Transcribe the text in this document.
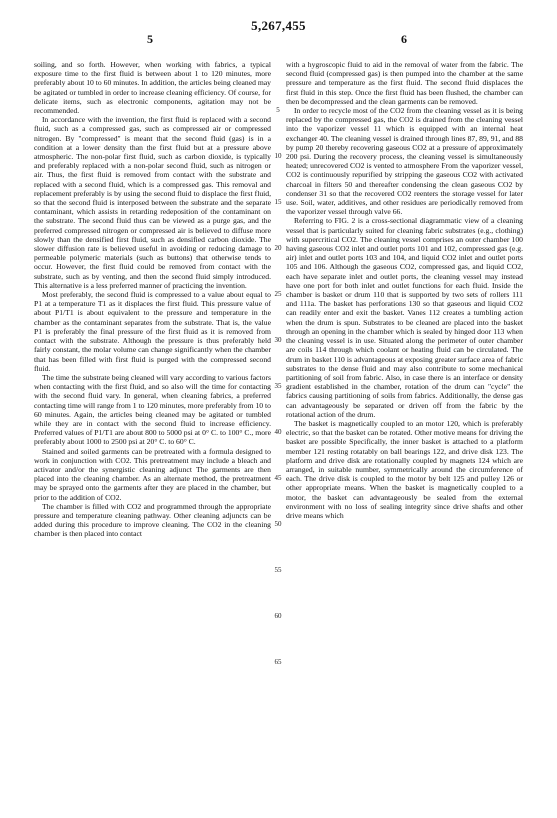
5,267,455
5	6

soiling, and so forth. However, when working with fabrics, a typical exposure time to the first fluid is between about 1 to 120 minutes, more preferably about 10 to 60 minutes. In addition, the articles being cleaned may be agitated or tumbled in order to increase cleaning efficiency. Of course, for delicate items, such as electronic components, agitation may not be recommended.

In accordance with the invention, the first fluid is replaced with a second fluid, such as a compressed gas, such as compressed air or compressed nitrogen. By "compressed" is meant that the second fluid (gas) is in a condition at a lower density than the first fluid but at a pressure above atmospheric. The non-polar first fluid, such as carbon dioxide, is typically and preferably replaced with a non-polar second fluid, such as nitrogen or air. Thus, the first fluid is removed from contact with the substrate and replaced with a second fluid, which is a compressed gas. This removal and replacement preferably is by using the second fluid to displace the first fluid, so that the second fluid is interposed between the substrate and the separate contaminant, which assists in retarding redeposition of the contaminant on the substrate. The second fluid thus can be viewed as a purge gas, and the preferred compressed nitrogen or compressed air is believed to diffuse more slowly than the densified first fluid, such as densified carbon dioxide. The slower diffusion rate is believed useful in avoiding or reducing damage to permeable polymeric materials (such as buttons) that otherwise tends to occur. However, the first fluid could be removed from contact with the substrate, such as by venting, and then the second fluid simply introduced. This alternative is a less preferred manner of practicing the invention.

Most preferably, the second fluid is compressed to a value about equal to P1 at a temperature T1 as it displaces the first fluid. This pressure value of about P1/T1 is about equivalent to the pressure and temperature in the chamber as the contaminant separates from the substrate. That is, the value P1 is preferably the final pressure of the first fluid as it is removed from contact with the substrate. Although the pressure is thus preferably held fairly constant, the molar volume can change significantly when the chamber that has been filled with first fluid is purged with the compressed second fluid.

The time the substrate being cleaned will vary according to various factors when contacting with the first fluid, and so also will the time for contacting with the second fluid vary. In general, when cleaning fabrics, a preferred contacting time will range from 1 to 120 minutes, more preferably from 10 to 60 minutes. Again, the articles being cleaned may be agitated or tumbled while they are in contact with the second fluid to increase efficiency. Preferred values of P1/T1 are about 800 to 5000 psi at 0° C. to 100° C., more preferably about 1000 to 2500 psi at 20° C. to 60° C.

Stained and soiled garments can be pretreated with a formula designed to work in conjunction with CO2. This pretreatment may include a bleach and activator and/or the synergistic cleaning adjunct The garments are then placed into the cleaning chamber. As an alternate method, the pretreatment may be sprayed onto the garments after they are placed in the chamber, but prior to the addition of CO2.

The chamber is filled with CO2 and programmed through the appropriate pressure and temperature cleaning pathway. Other cleaning adjuncts can be added during this procedure to improve cleaning. The CO2 in the cleaning chamber is then placed into contact

5
10
15
20
25
30
35
40
45
50
55
60
65

with a hygroscopic fluid to aid in the removal of water from the fabric. The second fluid (compressed gas) is then pumped into the chamber at the same pressure and temperature as the first fluid. The second fluid displaces the first fluid in this step. Once the first fluid has been flushed, the chamber can then be decompressed and the clean garments can be removed.

In order to recycle most of the CO2 from the cleaning vessel as it is being replaced by the compressed gas, the CO2 is drained from the cleaning vessel into the vaporizer vessel 11 which is equipped with an internal heat exchanger 40. The cleaning vessel is drained through lines 87, 89, 91, and 88 by pump 20 thereby recovering gaseous CO2 at a pressure of approximately 200 psi. During the recovery process, the cleaning vessel is simultaneously heated; unrecovered CO2 is vented to atmosphere From the vaporizer vessel, CO2 is continuously repurified by stripping the gaseous CO2 with activated charcoal in filters 50 and thereafter condensing the clean gaseous CO2 by condenser 31 so that the recovered CO2 reenters the storage vessel for later use. Soil, water, additives, and other residues are periodically removed from the vaporizer vessel through valve 66.

Referring to FIG. 2 is a cross-sectional diagrammatic view of a cleaning vessel that is particularly suited for cleaning fabric substrates (e.g., clothing) with supercritical CO2. The cleaning vessel comprises an outer chamber 100 having gaseous CO2 inlet and outlet ports 101 and 102, compressed gas (e.g. air) inlet and outlet ports 103 and 104, and liquid CO2 inlet and outlet ports 105 and 106. Although the gaseous CO2, compressed gas, and liquid CO2, each have separate inlet and outlet ports, the cleaning vessel may instead have one port for both inlet and outlet functions for each fluid. Inside the chamber is basket or drum 110 that is supported by two sets of rollers 111 and 111a. The basket has perforations 130 so that gaseous and liquid CO2 can readily enter and exit the basket. Vanes 112 creates a tumbling action when the drum is spun. Substrates to be cleaned are placed into the basket through an opening in the chamber which is sealed by hinged door 113 when the cleaning vessel is in use. Situated along the perimeter of outer chamber are coils 114 through which coolant or heating fluid can be circulated. The drum in basket 110 is advantageous at exposing greater surface area of fabric substrates to the dense fluid and may also contribute to some mechanical partitioning of soil from fabric. Also, in case there is an interface or density gradient established in the chamber, rotation of the drum can "cycle" the fabrics causing partitioning of soils from fabrics. Additionally, the dense gas can advantageously be separated or driven off from the fabric by the rotational action of the drum.

The basket is magnetically coupled to an motor 120, which is preferably electric, so that the basket can be rotated. Other motive means for driving the basket are possible Specifically, the inner basket is attached to a platform member 121 resting rotatably on ball bearings 122, and drive disk 123. The platform and drive disk are rotationally coupled by magnets 124 which are arranged, in suitable number, symmetrically around the circumference of each. The drive disk is coupled to the motor by belt 125 and pulley 126 or other appropriate means. When the basket is magnetically coupled to a motor, the basket can advantageously be sealed from the external environment with no loss of sealing integrity since drive shafts and other drive means which
